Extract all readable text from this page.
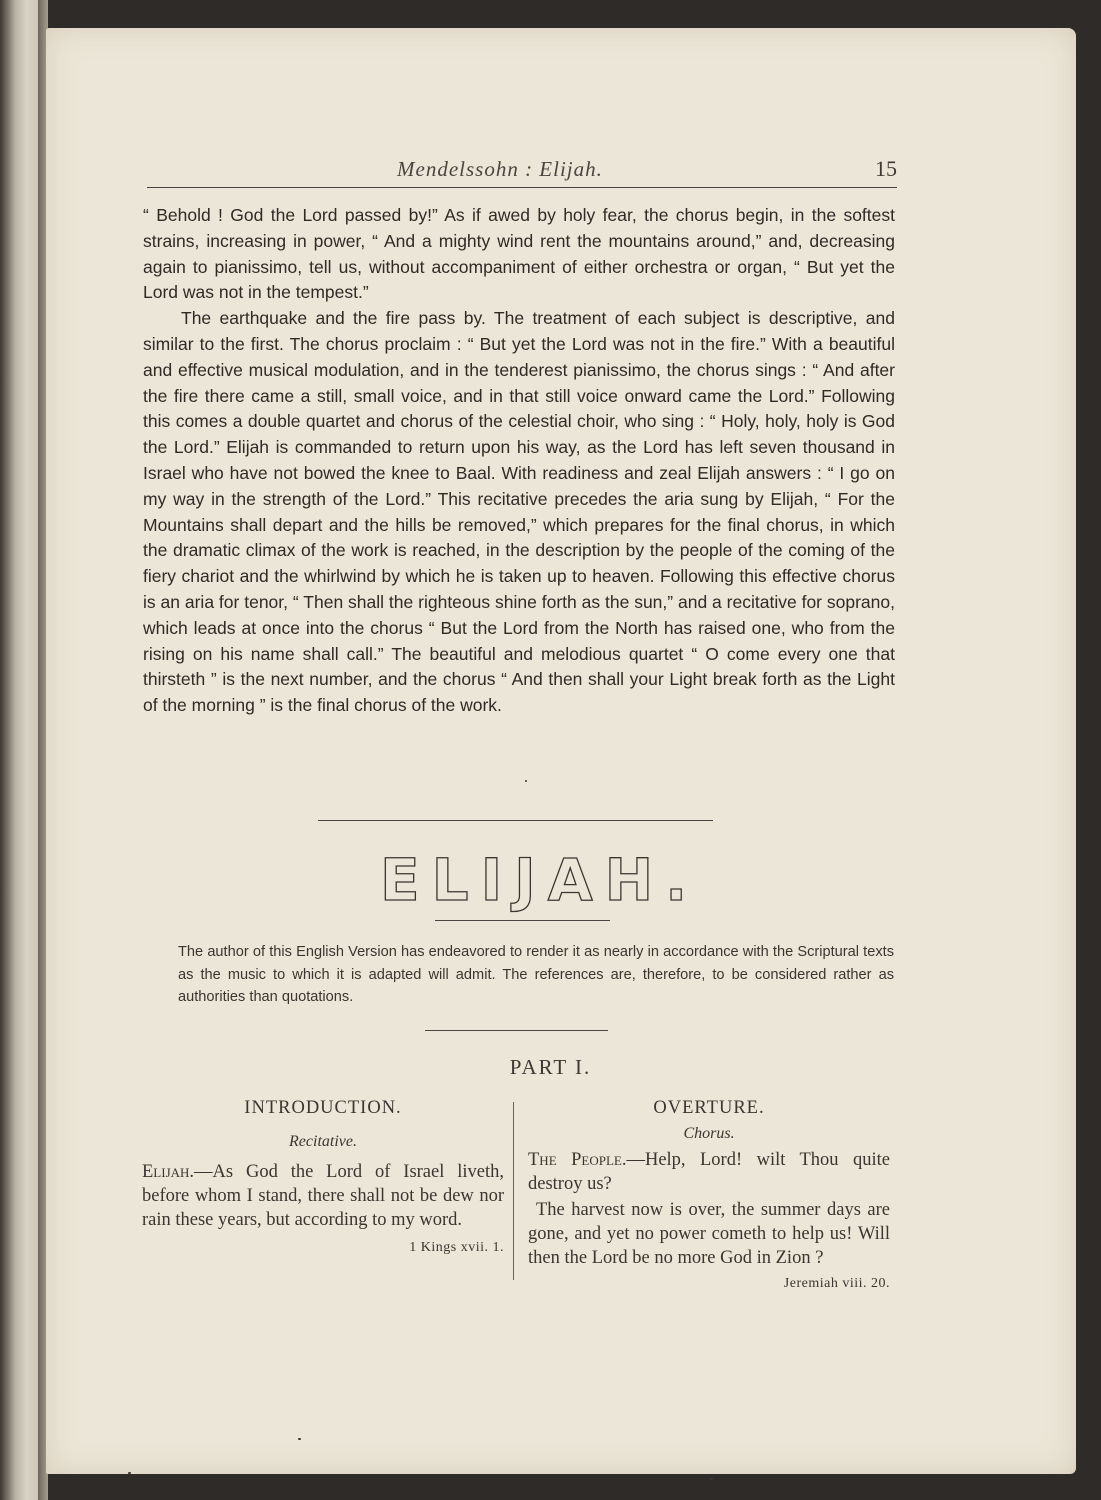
Mendelssohn : Elijah.	15

“ Behold ! God the Lord passed by!” As if awed by holy fear, the chorus begin, in the softest strains, increasing in power, “ And a mighty wind rent the mountains around,” and, decreasing again to pianissimo, tell us, without accompaniment of either orchestra or organ, “ But yet the Lord was not in the tempest.”

The earthquake and the fire pass by. The treatment of each subject is descriptive, and similar to the first. The chorus proclaim : “ But yet the Lord was not in the fire.” With a beautiful and effective musical modulation, and in the tenderest pianissimo, the chorus sings : “ And after the fire there came a still, small voice, and in that still voice onward came the Lord.” Following this comes a double quartet and chorus of the celestial choir, who sing : “ Holy, holy, holy is God the Lord.” Elijah is commanded to return upon his way, as the Lord has left seven thousand in Israel who have not bowed the knee to Baal. With readiness and zeal Elijah answers : “ I go on my way in the strength of the Lord.” This recitative precedes the aria sung by Elijah, “ For the Mountains shall depart and the hills be removed,” which prepares for the final chorus, in which the dramatic climax of the work is reached, in the description by the people of the coming of the fiery chariot and the whirlwind by which he is taken up to heaven. Following this effective chorus is an aria for tenor, “ Then shall the righteous shine forth as the sun,” and a recitative for soprano, which leads at once into the chorus “ But the Lord from the North has raised one, who from the rising on his name shall call.” The beautiful and melodious quartet “ O come every one that thirsteth ” is the next number, and the chorus “ And then shall your Light break forth as the Light of the morning ” is the final chorus of the work.

ELIJAH.
The author of this English Version has endeavored to render it as nearly in accordance with the Scriptural texts as the music to which it is adapted will admit. The references are, therefore, to be considered rather as authorities than quotations.
PART I.

INTRODUCTION.

Recitative.

Elijah.—As God the Lord of Israel liveth, before whom I stand, there shall not be dew nor rain these years, but according to my word.

1 Kings xvii. 1.

OVERTURE.

Chorus.

The People.—Help, Lord! wilt Thou quite destroy us?

The harvest now is over, the summer days are gone, and yet no power cometh to help us! Will then the Lord be no more God in Zion ?
Jeremiah viii. 20.
